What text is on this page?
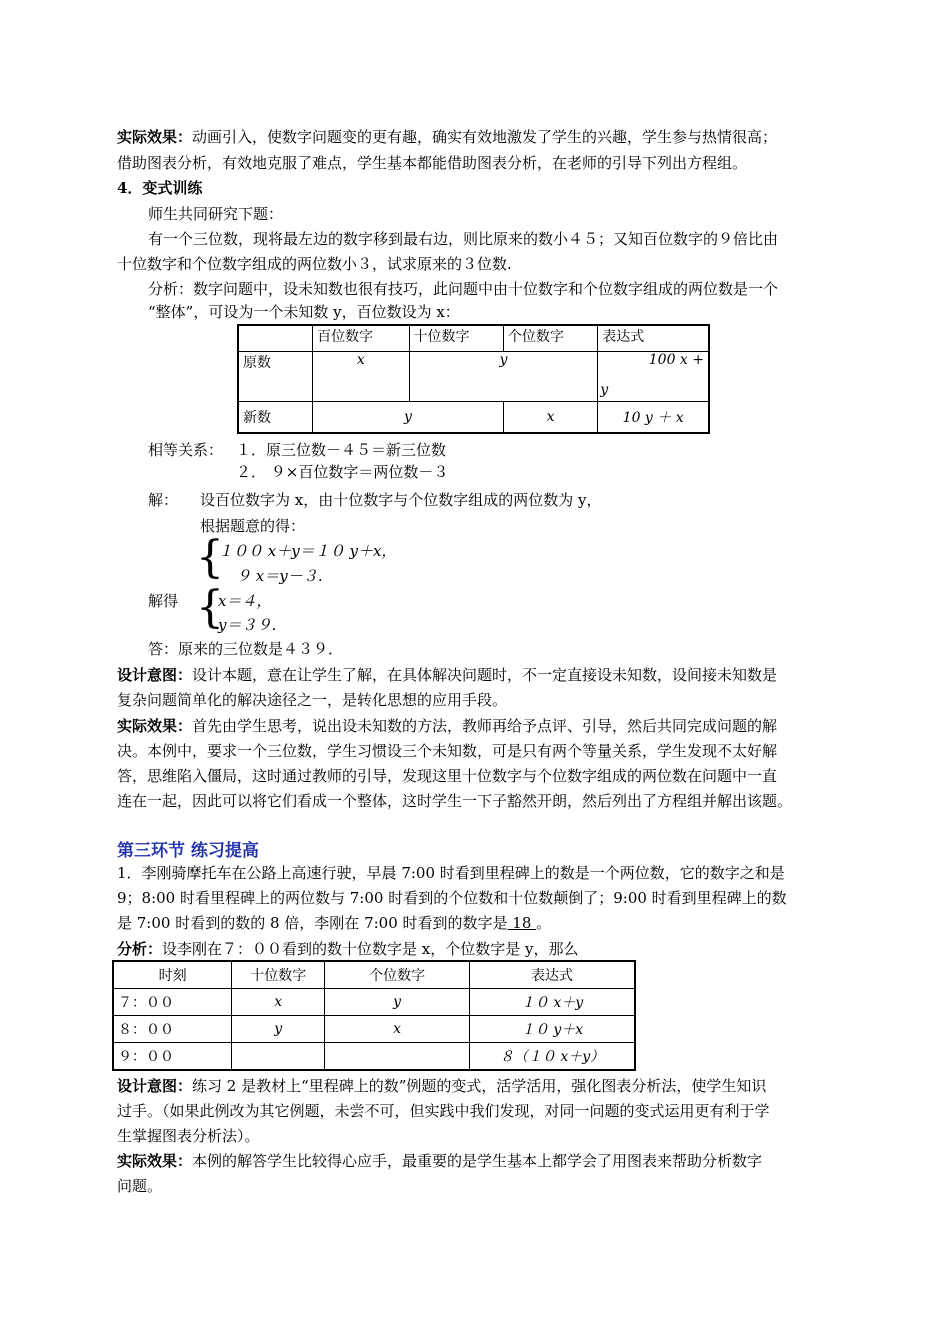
实际效果：动画引入，使数字问题变的更有趣，确实有效地激发了学生的兴趣，学生参与热情很高；
借助图表分析，有效地克服了难点，学生基本都能借助图表分析，在老师的引导下列出方程组。
4．变式训练
师生共同研究下题：
有一个三位数，现将最左边的数字移到最右边，则比原来的数小４５；又知百位数字的９倍比由
十位数字和个位数字组成的两位数小３，试求原来的３位数.
分析：数字问题中，设未知数也很有技巧，此问题中由十位数字和个位数字组成的两位数是一个
“整体”，可设为一个未知数 y，百位数设为 x：
	百位数字	十位数字	个位数字	表达式
原数	x	y		100 x +
y

新数	y		x	10 y ＋ x
相等关系： １．原三位数－４５＝新三位数
２． ９×百位数字＝两位数－３
解： 设百位数字为 x，由十位数字与个位数字组成的两位数为 y，
根据题意的得：
{
１００ x＋y＝１０ y＋x，
９ x＝y－３．
解得 {
x＝４，
y＝３９．
答：原来的三位数是４３９．
设计意图：设计本题，意在让学生了解，在具体解决问题时，不一定直接设未知数，设间接未知数是
复杂问题简单化的解决途径之一，是转化思想的应用手段。
实际效果：首先由学生思考，说出设未知数的方法，教师再给予点评、引导，然后共同完成问题的解
决。本例中，要求一个三位数，学生习惯设三个未知数，可是只有两个等量关系，学生发现不太好解
答，思维陷入僵局，这时通过教师的引导，发现这里十位数字与个位数字组成的两位数在问题中一直
连在一起，因此可以将它们看成一个整体，这时学生一下子豁然开朗，然后列出了方程组并解出该题。
第三环节 练习提高
1．李刚骑摩托车在公路上高速行驶，早晨 7:00 时看到里程碑上的数是一个两位数，它的数字之和是
9；8:00 时看里程碑上的两位数与 7:00 时看到的个位数和十位数颠倒了；9:00 时看到里程碑上的数
是 7:00 时看到的数的 8 倍，李刚在 7:00 时看到的数字是 18 。
分析：设李刚在７：００看到的数十位数字是 x，个位数字是 y，那么
时刻	十位数字	个位数字	表达式
７：００	x	y	１０ x＋y
８：００	y	x	１０ y＋x
９：００			８（１０ x＋y）
设计意图：练习 2 是教材上“里程碑上的数”例题的变式，活学活用，强化图表分析法，使学生知识
过手。（如果此例改为其它例题，未尝不可，但实践中我们发现，对同一问题的变式运用更有利于学
生掌握图表分析法）。
实际效果：本例的解答学生比较得心应手，最重要的是学生基本上都学会了用图表来帮助分析数字
问题。
